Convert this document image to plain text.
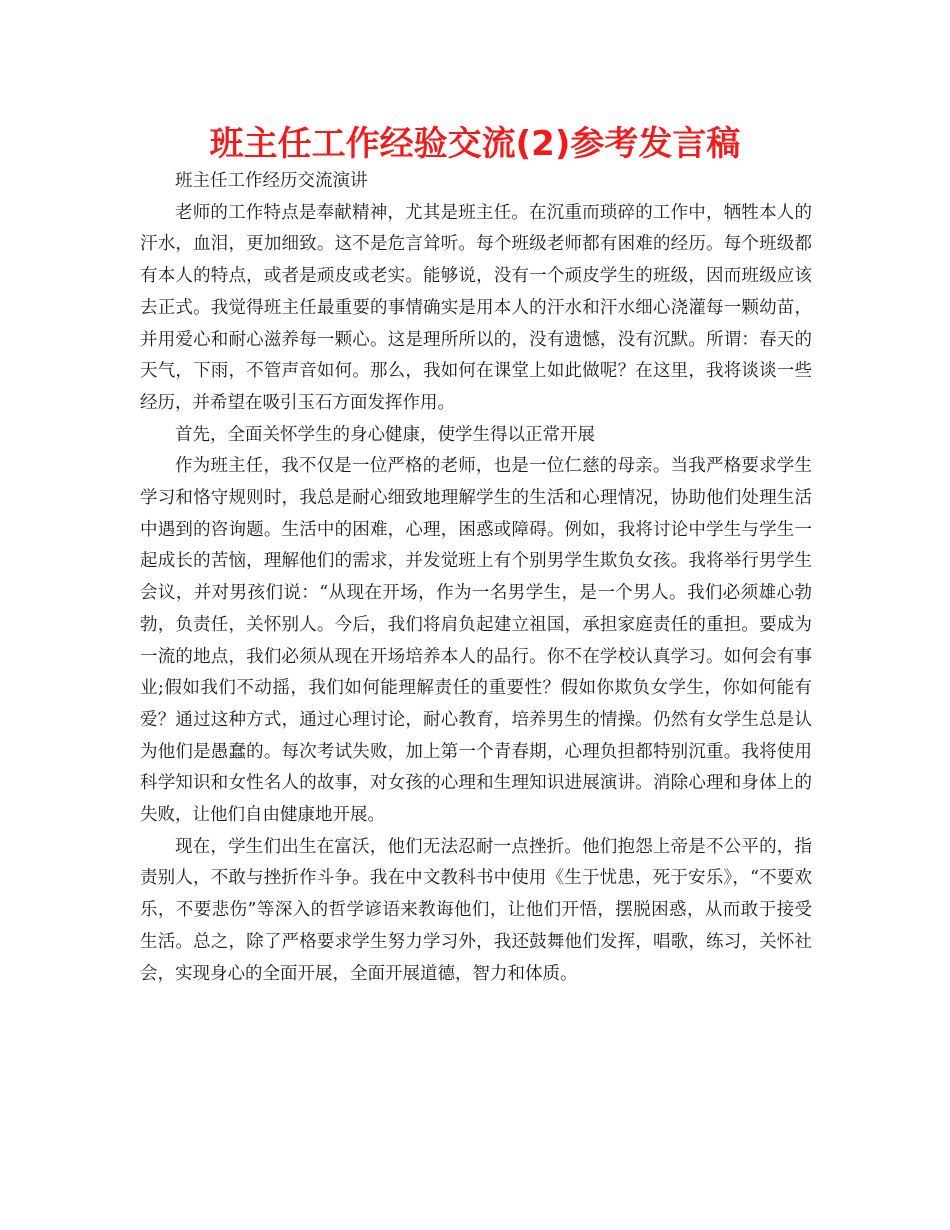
班主任工作经验交流(2)参考发言稿

班主任工作经历交流演讲

老师的工作特点是奉献精神，尤其是班主任。在沉重而琐碎的工作中，牺牲本人的汗水，血泪，更加细致。这不是危言耸听。每个班级老师都有困难的经历。每个班级都有本人的特点，或者是顽皮或老实。能够说，没有一个顽皮学生的班级，因而班级应该去正式。我觉得班主任最重要的事情确实是用本人的汗水和汗水细心浇灌每一颗幼苗，并用爱心和耐心滋养每一颗心。这是理所所以的，没有遗憾，没有沉默。所谓：春天的天气，下雨，不管声音如何。那么，我如何在课堂上如此做呢？在这里，我将谈谈一些经历，并希望在吸引玉石方面发挥作用。

首先，全面关怀学生的身心健康，使学生得以正常开展

作为班主任，我不仅是一位严格的老师，也是一位仁慈的母亲。当我严格要求学生学习和恪守规则时，我总是耐心细致地理解学生的生活和心理情况，协助他们处理生活中遇到的咨询题。生活中的困难，心理，困惑或障碍。例如，我将讨论中学生与学生一起成长的苦恼，理解他们的需求，并发觉班上有个别男学生欺负女孩。我将举行男学生会议，并对男孩们说：“从现在开场，作为一名男学生，是一个男人。我们必须雄心勃勃，负责任，关怀别人。今后，我们将肩负起建立祖国，承担家庭责任的重担。要成为一流的地点，我们必须从现在开场培养本人的品行。你不在学校认真学习。如何会有事业;假如我们不动摇，我们如何能理解责任的重要性？假如你欺负女学生，你如何能有爱？通过这种方式，通过心理讨论，耐心教育，培养男生的情操。仍然有女学生总是认为他们是愚蠢的。每次考试失败，加上第一个青春期，心理负担都特别沉重。我将使用科学知识和女性名人的故事，对女孩的心理和生理知识进展演讲。消除心理和身体上的失败，让他们自由健康地开展。

现在，学生们出生在富沃，他们无法忍耐一点挫折。他们抱怨上帝是不公平的，指责别人，不敢与挫折作斗争。我在中文教科书中使用《生于忧患，死于安乐》，“不要欢乐，不要悲伤”等深入的哲学谚语来教诲他们，让他们开悟，摆脱困惑，从而敢于接受生活。总之，除了严格要求学生努力学习外，我还鼓舞他们发挥，唱歌，练习，关怀社会，实现身心的全面开展，全面开展道德，智力和体质。
